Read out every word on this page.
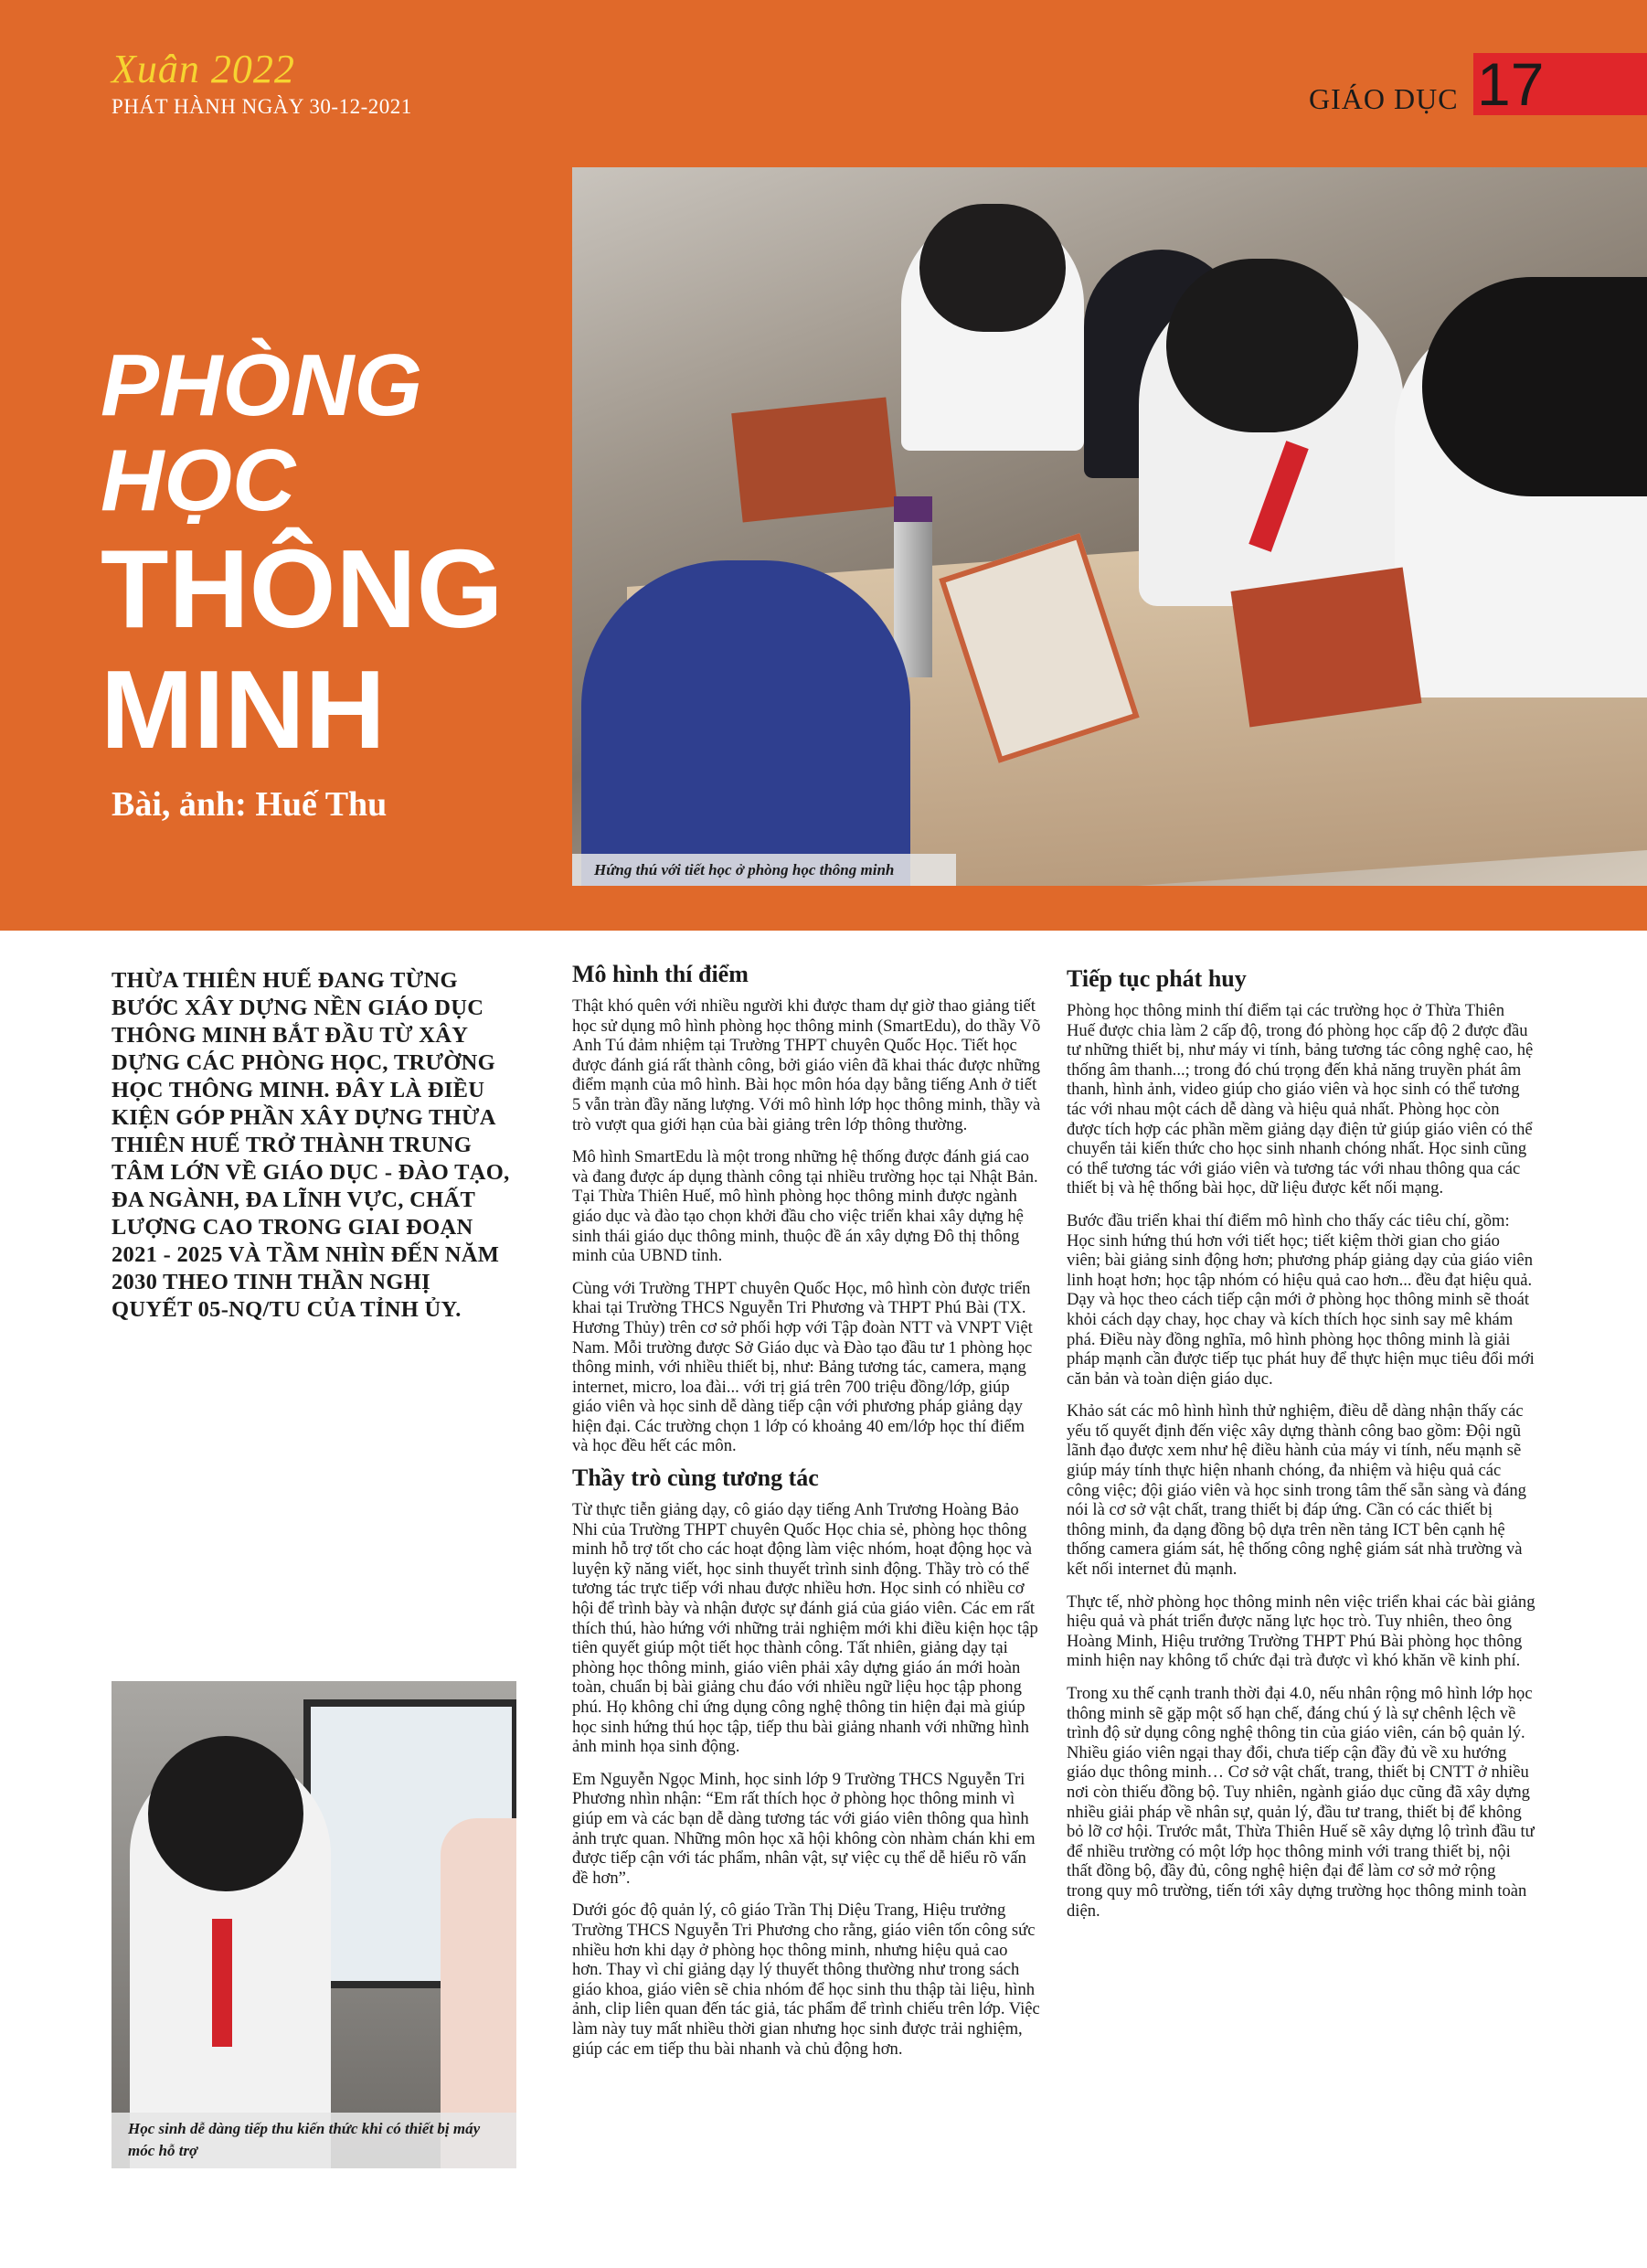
Xuân 2022
PHÁT HÀNH NGÀY 30-12-2021	GIÁO DỤC 17
PHÒNG
HỌC
THÔNG
MINH
Bài, ảnh: Huế Thu
Hứng thú với tiết học ở phòng học thông minh

THỪA THIÊN HUẾ ĐANG TỪNG BƯỚC XÂY DỰNG NỀN GIÁO DỤC THÔNG MINH BẮT ĐẦU TỪ XÂY DỰNG CÁC PHÒNG HỌC, TRƯỜNG HỌC THÔNG MINH. ĐÂY LÀ ĐIỀU KIỆN GÓP PHẦN XÂY DỰNG THỪA THIÊN HUẾ TRỞ THÀNH TRUNG TÂM LỚN VỀ GIÁO DỤC - ĐÀO TẠO, ĐA NGÀNH, ĐA LĨNH VỰC, CHẤT LƯỢNG CAO TRONG GIAI ĐOẠN 2021 - 2025 VÀ TẦM NHÌN ĐẾN NĂM 2030 THEO TINH THẦN NGHỊ QUYẾT 05-NQ/TU CỦA TỈNH ỦY.

Học sinh dễ dàng tiếp thu kiến thức khi có thiết bị máy móc hỗ trợ

Mô hình thí điểm

Thật khó quên với nhiều người khi được tham dự giờ thao giảng tiết học sử dụng mô hình phòng học thông minh (SmartEdu), do thầy Võ Anh Tú đảm nhiệm tại Trường THPT chuyên Quốc Học. Tiết học được đánh giá rất thành công, bởi giáo viên đã khai thác được những điểm mạnh của mô hình. Bài học môn hóa dạy bằng tiếng Anh ở tiết 5 vẫn tràn đầy năng lượng. Với mô hình lớp học thông minh, thầy và trò vượt qua giới hạn của bài giảng trên lớp thông thường.

Mô hình SmartEdu là một trong những hệ thống được đánh giá cao và đang được áp dụng thành công tại nhiều trường học tại Nhật Bản. Tại Thừa Thiên Huế, mô hình phòng học thông minh được ngành giáo dục và đào tạo chọn khởi đầu cho việc triển khai xây dựng hệ sinh thái giáo dục thông minh, thuộc đề án xây dựng Đô thị thông minh của UBND tỉnh.

Cùng với Trường THPT chuyên Quốc Học, mô hình còn được triển khai tại Trường THCS Nguyễn Tri Phương và THPT Phú Bài (TX. Hương Thủy) trên cơ sở phối hợp với Tập đoàn NTT và VNPT Việt Nam. Mỗi trường được Sở Giáo dục và Đào tạo đầu tư 1 phòng học thông minh, với nhiều thiết bị, như: Bảng tương tác, camera, mạng internet, micro, loa đài... với trị giá trên 700 triệu đồng/lớp, giúp giáo viên và học sinh dễ dàng tiếp cận với phương pháp giảng dạy hiện đại. Các trường chọn 1 lớp có khoảng 40 em/lớp học thí điểm và học đều hết các môn.

Thầy trò cùng tương tác

Từ thực tiễn giảng dạy, cô giáo dạy tiếng Anh Trương Hoàng Bảo Nhi của Trường THPT chuyên Quốc Học chia sẻ, phòng học thông minh hỗ trợ tốt cho các hoạt động làm việc nhóm, hoạt động học và luyện kỹ năng viết, học sinh thuyết trình sinh động. Thầy trò có thể tương tác trực tiếp với nhau được nhiều hơn. Học sinh có nhiều cơ hội để trình bày và nhận được sự đánh giá của giáo viên. Các em rất thích thú, hào hứng với những trải nghiệm mới khi điều kiện học tập tiên quyết giúp một tiết học thành công. Tất nhiên, giảng dạy tại phòng học thông minh, giáo viên phải xây dựng giáo án mới hoàn toàn, chuẩn bị bài giảng chu đáo với nhiều ngữ liệu học tập phong phú. Họ không chỉ ứng dụng công nghệ thông tin hiện đại mà giúp học sinh hứng thú học tập, tiếp thu bài giảng nhanh với những hình ảnh minh họa sinh động.

Em Nguyễn Ngọc Minh, học sinh lớp 9 Trường THCS Nguyễn Tri Phương nhìn nhận: “Em rất thích học ở phòng học thông minh vì giúp em và các bạn dễ dàng tương tác với giáo viên thông qua hình ảnh trực quan. Những môn học xã hội không còn nhàm chán khi em được tiếp cận với tác phẩm, nhân vật, sự việc cụ thể dễ hiểu rõ vấn đề hơn”.

Dưới góc độ quản lý, cô giáo Trần Thị Diệu Trang, Hiệu trưởng Trường THCS Nguyễn Tri Phương cho rằng, giáo viên tốn công sức nhiều hơn khi dạy ở phòng học thông minh, nhưng hiệu quả cao hơn. Thay vì chỉ giảng dạy lý thuyết thông thường như trong sách giáo khoa, giáo viên sẽ chia nhóm để học sinh thu thập tài liệu, hình ảnh, clip liên quan đến tác giả, tác phẩm để trình chiếu trên lớp. Việc làm này tuy mất nhiều thời gian nhưng học sinh được trải nghiệm, giúp các em tiếp thu bài nhanh và chủ động hơn.

Tiếp tục phát huy

Phòng học thông minh thí điểm tại các trường học ở Thừa Thiên Huế được chia làm 2 cấp độ, trong đó phòng học cấp độ 2 được đầu tư những thiết bị, như máy vi tính, bảng tương tác công nghệ cao, hệ thống âm thanh...; trong đó chú trọng đến khả năng truyền phát âm thanh, hình ảnh, video giúp cho giáo viên và học sinh có thể tương tác với nhau một cách dễ dàng và hiệu quả nhất. Phòng học còn được tích hợp các phần mềm giảng dạy điện tử giúp giáo viên có thể chuyển tải kiến thức cho học sinh nhanh chóng nhất. Học sinh cũng có thể tương tác với giáo viên và tương tác với nhau thông qua các thiết bị và hệ thống bài học, dữ liệu được kết nối mạng.

Bước đầu triển khai thí điểm mô hình cho thấy các tiêu chí, gồm: Học sinh hứng thú hơn với tiết học; tiết kiệm thời gian cho giáo viên; bài giảng sinh động hơn; phương pháp giảng dạy của giáo viên linh hoạt hơn; học tập nhóm có hiệu quả cao hơn... đều đạt hiệu quả. Dạy và học theo cách tiếp cận mới ở phòng học thông minh sẽ thoát khỏi cách dạy chay, học chay và kích thích học sinh say mê khám phá. Điều này đồng nghĩa, mô hình phòng học thông minh là giải pháp mạnh cần được tiếp tục phát huy để thực hiện mục tiêu đổi mới căn bản và toàn diện giáo dục.

Khảo sát các mô hình hình thử nghiệm, điều dễ dàng nhận thấy các yếu tố quyết định đến việc xây dựng thành công bao gồm: Đội ngũ lãnh đạo được xem như hệ điều hành của máy vi tính, nếu mạnh sẽ giúp máy tính thực hiện nhanh chóng, đa nhiệm và hiệu quả các công việc; đội giáo viên và học sinh trong tâm thế sẵn sàng và đáng nói là cơ sở vật chất, trang thiết bị đáp ứng. Cần có các thiết bị thông minh, đa dạng đồng bộ dựa trên nền tảng ICT bên cạnh hệ thống camera giám sát, hệ thống công nghệ giám sát nhà trường và kết nối internet đủ mạnh.

Thực tế, nhờ phòng học thông minh nên việc triển khai các bài giảng hiệu quả và phát triển được năng lực học trò. Tuy nhiên, theo ông Hoàng Minh, Hiệu trưởng Trường THPT Phú Bài phòng học thông minh hiện nay không tổ chức đại trà được vì khó khăn về kinh phí.

Trong xu thế cạnh tranh thời đại 4.0, nếu nhân rộng mô hình lớp học thông minh sẽ gặp một số hạn chế, đáng chú ý là sự chênh lệch về trình độ sử dụng công nghệ thông tin của giáo viên, cán bộ quản lý. Nhiều giáo viên ngại thay đổi, chưa tiếp cận đầy đủ về xu hướng giáo dục thông minh… Cơ sở vật chất, trang, thiết bị CNTT ở nhiều nơi còn thiếu đồng bộ. Tuy nhiên, ngành giáo dục cũng đã xây dựng nhiều giải pháp về nhân sự, quản lý, đầu tư trang, thiết bị để không bỏ lỡ cơ hội. Trước mắt, Thừa Thiên Huế sẽ xây dựng lộ trình đầu tư để nhiều trường có một lớp học thông minh với trang thiết bị, nội thất đồng bộ, đầy đủ, công nghệ hiện đại để làm cơ sở mở rộng trong quy mô trường, tiến tới xây dựng trường học thông minh toàn diện.
